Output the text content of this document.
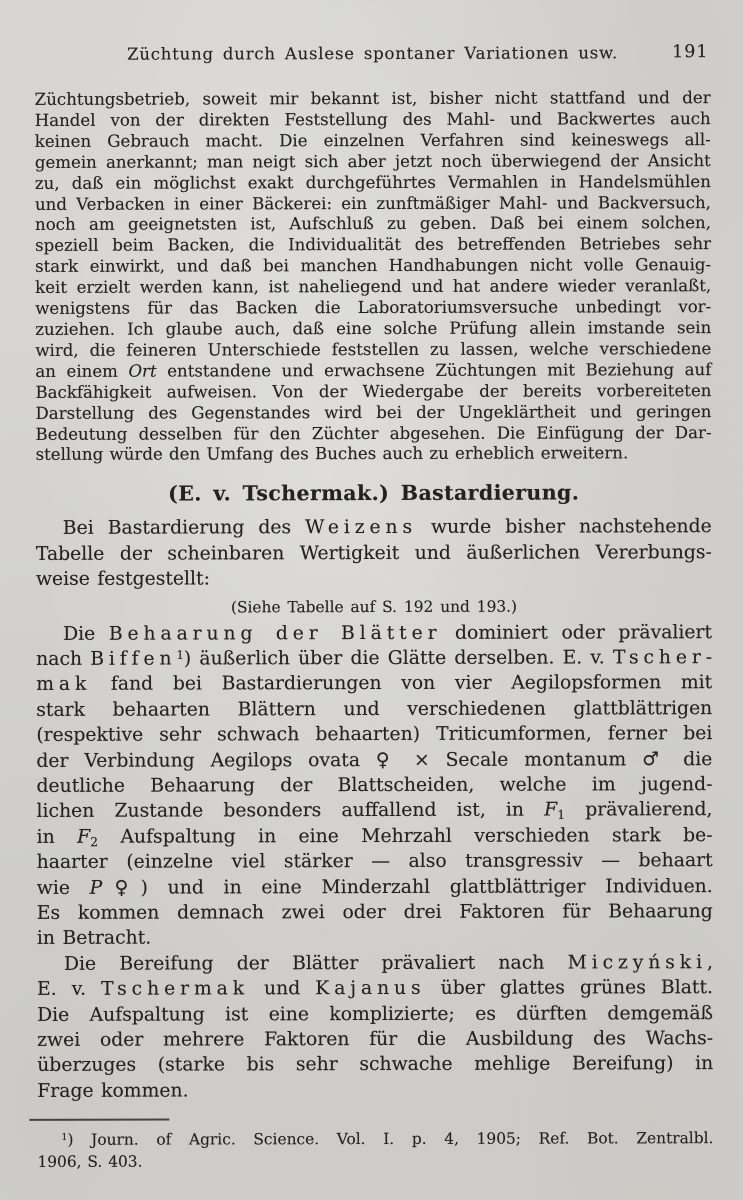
Züchtung durch Auslese spontaner Variationen usw.	191
Züchtungsbetrieb, soweit mir bekannt ist, bisher nicht stattfand und der
Handel von der direkten Feststellung des Mahl- und Backwertes auch
keinen Gebrauch macht. Die einzelnen Verfahren sind keineswegs all-
gemein anerkannt; man neigt sich aber jetzt noch überwiegend der Ansicht
zu, daß ein möglichst exakt durchgeführtes Vermahlen in Handelsmühlen
und Verbacken in einer Bäckerei: ein zunftmäßiger Mahl- und Backversuch,
noch am geeignetsten ist, Aufschluß zu geben. Daß bei einem solchen,
speziell beim Backen, die Individualität des betreffenden Betriebes sehr
stark einwirkt, und daß bei manchen Handhabungen nicht volle Genauig-
keit erzielt werden kann, ist naheliegend und hat andere wieder veranlaßt,
wenigstens für das Backen die Laboratoriumsversuche unbedingt vor-
zuziehen. Ich glaube auch, daß eine solche Prüfung allein imstande sein
wird, die feineren Unterschiede feststellen zu lassen, welche verschiedene
an einem Ort entstandene und erwachsene Züchtungen mit Beziehung auf
Backfähigkeit aufweisen. Von der Wiedergabe der bereits vorbereiteten
Darstellung des Gegenstandes wird bei der Ungeklärtheit und geringen
Bedeutung desselben für den Züchter abgesehen. Die Einfügung der Dar-
stellung würde den Umfang des Buches auch zu erheblich erweitern.
(E. v. Tschermak.) Bastardierung.
Bei Bastardierung des Weizens wurde bisher nachstehende
Tabelle der scheinbaren Wertigkeit und äußerlichen Vererbungs-
weise festgestellt:
(Siehe Tabelle auf S. 192 und 193.)
Die Behaarung der Blätter dominiert oder prävaliert
nach Biffen$^1$) äußerlich über die Glätte derselben. E. v. Tscher-
mak fand bei Bastardierungen von vier Aegilopsformen mit
stark behaarten Blättern und verschiedenen glattblättrigen
(respektive sehr schwach behaarten) Triticumformen, ferner bei
der Verbindung Aegilops ovata ♀ × Secale montanum ♂ die
deutliche Behaarung der Blattscheiden, welche im jugend-
lichen Zustande besonders auffallend ist, in $F_1$ prävalierend,
in $F_2$ Aufspaltung in eine Mehrzahl verschieden stark be-
haarter (einzelne viel stärker — also transgressiv — behaart
wie P♀) und in eine Minderzahl glattblättriger Individuen.
Es kommen demnach zwei oder drei Faktoren für Behaarung
in Betracht.
Die Bereifung der Blätter prävaliert nach Miczyński,
E. v. Tschermak und Kajanus über glattes grünes Blatt.
Die Aufspaltung ist eine komplizierte; es dürften demgemäß
zwei oder mehrere Faktoren für die Ausbildung des Wachs-
überzuges (starke bis sehr schwache mehlige Bereifung) in
Frage kommen.
$^1$) Journ. of Agric. Science. Vol. I. p. 4, 1905; Ref. Bot. Zentralbl.
1906, S. 403.
